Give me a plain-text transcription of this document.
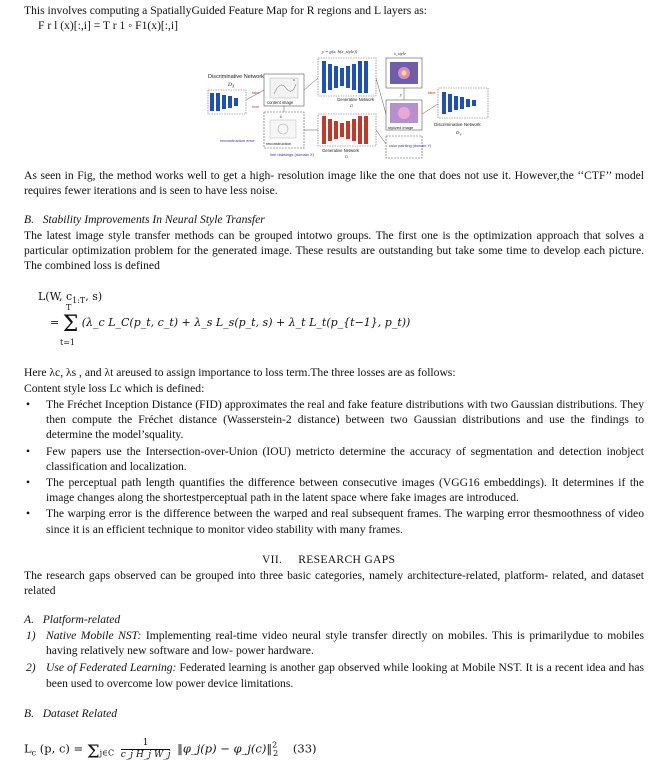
This involves computing a SpatiallyGuided Feature Map for R regions and L layers as:
F r l (x)[:,i] = T r 1 ◦ F1(x)[:,i]
Discriminative Network
$D_X$
fake
real
x
content image
x̂
reconstruction
reconstruction error
line drawings (domain X)
y = g(x, h(x_style))
Generative Network
G
Generative Network
G
x_style
y
stylized image
color painting (domain Y)
fake
Discriminative Network
$D_Y$
As seen in Fig, the method works well to get a high- resolution image like the one that does not use it. However,the ‘‘CTF’’ model requires fewer iterations and is seen to have less noise.
B. Stability Improvements In Neural Style Transfer
The latest image style transfer methods can be grouped intotwo groups. The first one is the optimization approach that solves a particular optimization problem for the generated image. These results are outstanding but take some time to develop each picture. The combined loss is defined
L(W, $c_{1:T}$, s)
T
= Σ (λ_c L_C(p_t, c_t) + λ_s L_s(p_t, s) + λ_t L_t(p_{t−1}, p_t))
t=1
Here λc, λs , and λt areused to assign importance to loss term.The three losses are as follows:
Content style loss Lc which is defined:
• The Fréchet Inception Distance (FID) approximates the real and fake feature distributions with two Gaussian distributions. They then compute the Fréchet distance (Wasserstein-2 distance) between two Gaussian distributions and use the findings to determine the model’squality.
• Few papers use the Intersection-over-Union (IOU) metricto determine the accuracy of segmentation and detection inobject classification and localization.
• The perceptual path length quantifies the difference between consecutive images (VGG16 embeddings). It determines if the image changes along the shortestperceptual path in the latent space where fake images are introduced.
• The warping error is the difference between the warped and real subsequent frames. The warping error thesmoothness of video since it is an efficient technique to monitor video stability with many frames.
VII. RESEARCH GAPS
The research gaps observed can be grouped into three basic categories, namely architecture-related, platform- related, and dataset related
A. Platform-related
1) Native Mobile NST: Implementing real-time video neural style transfer directly on mobiles. This is primarilydue to mobiles having relatively new software and low- power hardware.
2) Use of Federated Learning: Federated learning is another gap observed while looking at Mobile NST. It is a recent idea and has been used to overcome low power device limitations.
B. Dataset Related
$L_c$ (p, $c) = \Sigma_{j\in C} \frac{1}{\text{c\_j H\_j W\_j}}$ ‖φ_j(p) − φ_j(c)‖$^2_2$ (33)
